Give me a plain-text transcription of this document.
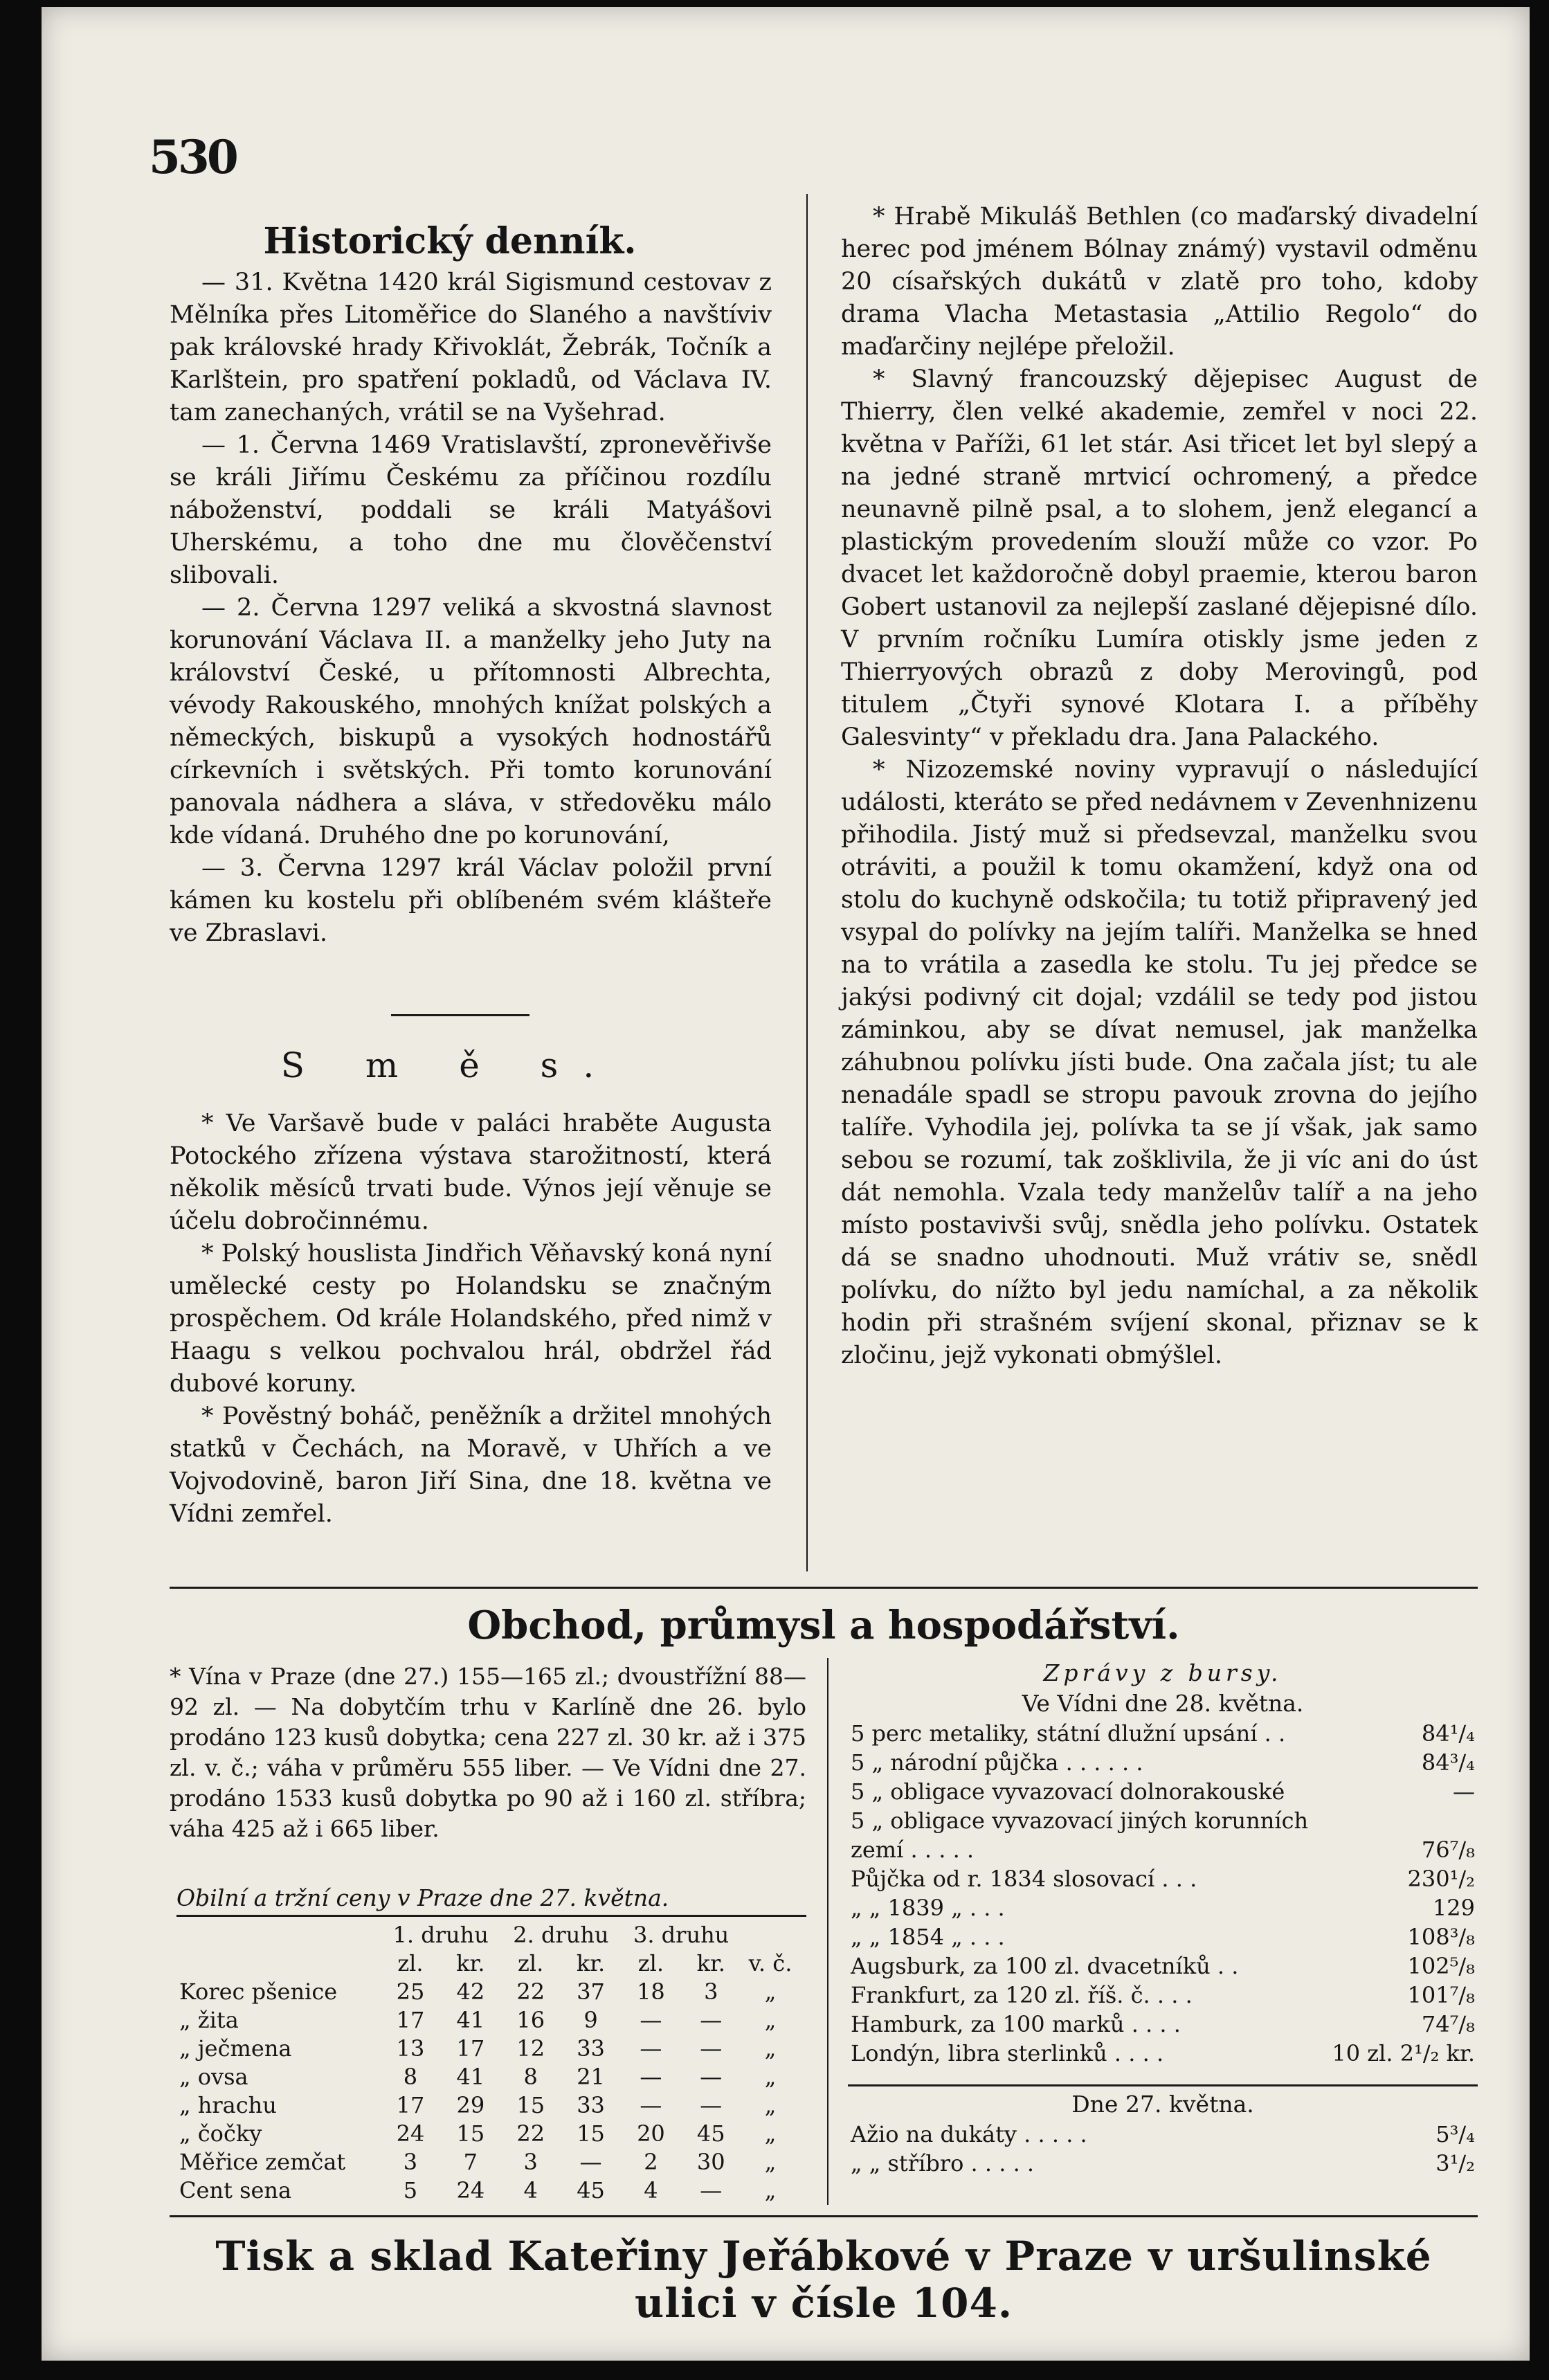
530
Historický denník.

— 31. Května 1420 král Sigismund cestovav z Mělníka přes Litoměřice do Slaného a navštíviv pak královské hrady Křivoklát, Žebrák, Točník a Karlštein, pro spatření pokladů, od Václava IV. tam zanechaných, vrátil se na Vyšehrad.

— 1. Června 1469 Vratislavští, zpronevěřivše se králi Jiřímu Českému za příčinou rozdílu náboženství, poddali se králi Matyášovi Uherskému, a toho dne mu člověčenství slibovali.

— 2. Června 1297 veliká a skvostná slavnost korunování Václava II. a manželky jeho Juty na království České, u přítomnosti Albrechta, vévody Rakouského, mnohých knížat polských a německých, biskupů a vysokých hodnostářů církevních i světských. Při tomto korunování panovala nádhera a sláva, v středověku málo kde vídaná. Druhého dne po korunování,

— 3. Června 1297 král Václav položil první kámen ku kostelu při oblíbeném svém klášteře ve Zbraslavi.

S m ě s.

* Ve Varšavě bude v paláci hraběte Augusta Potockého zřízena výstava starožitností, která několik měsíců trvati bude. Výnos její věnuje se účelu dobročinnému.

* Polský houslista Jindřich Věňavský koná nyní umělecké cesty po Holandsku se značným prospěchem. Od krále Holandského, před nimž v Haagu s velkou pochvalou hrál, obdržel řád dubové koruny.

* Pověstný boháč, peněžník a držitel mnohých statků v Čechách, na Moravě, v Uhřích a ve Vojvodovině, baron Jiří Sina, dne 18. května ve Vídni zemřel.

* Hrabě Mikuláš Bethlen (co maďarský divadelní herec pod jménem Bólnay známý) vystavil odměnu 20 císařských dukátů v zlatě pro toho, kdoby drama Vlacha Metastasia „Attilio Regolo“ do maďarčiny nejlépe přeložil.

* Slavný francouzský dějepisec August de Thierry, člen velké akademie, zemřel v noci 22. května v Paříži, 61 let stár. Asi třicet let byl slepý a na jedné straně mrtvicí ochromený, a předce neunavně pilně psal, a to slohem, jenž elegancí a plastickým provedením slouží může co vzor. Po dvacet let každoročně dobyl praemie, kterou baron Gobert ustanovil za nejlepší zaslané dějepisné dílo. V prvním ročníku Lumíra otiskly jsme jeden z Thierryových obrazů z doby Merovingů, pod titulem „Čtyři synové Klotara I. a příběhy Galesvinty“ v překladu dra. Jana Palackého.

* Nizozemské noviny vypravují o následující události, kteráto se před nedávnem v Zevenhnizenu přihodila. Jistý muž si předsevzal, manželku svou otráviti, a použil k tomu okamžení, když ona od stolu do kuchyně odskočila; tu totiž připravený jed vsypal do polívky na jejím talíři. Manželka se hned na to vrátila a zasedla ke stolu. Tu jej předce se jakýsi podivný cit dojal; vzdálil se tedy pod jistou záminkou, aby se dívat nemusel, jak manželka záhubnou polívku jísti bude. Ona začala jíst; tu ale nenadále spadl se stropu pavouk zrovna do jejího talíře. Vyhodila jej, polívka ta se jí však, jak samo sebou se rozumí, tak zošklivila, že ji víc ani do úst dát nemohla. Vzala tedy manželův talíř a na jeho místo postavivši svůj, snědla jeho polívku. Ostatek dá se snadno uhodnouti. Muž vrátiv se, snědl polívku, do nížto byl jedu namíchal, a za několik hodin při strašném svíjení skonal, přiznav se k zločinu, jejž vykonati obmýšlel.

Obchod, průmysl a hospodářství.
* Vína v Praze (dne 27.) 155—165 zl.; dvoustřížní 88—92 zl. — Na dobytčím trhu v Karlíně dne 26. bylo prodáno 123 kusů dobytka; cena 227 zl. 30 kr. až i 375 zl. v. č.; váha v průměru 555 liber. — Ve Vídni dne 27. prodáno 1533 kusů dobytka po 90 až i 160 zl. stříbra; váha 425 až i 665 liber.
Obilní a tržní ceny v Praze dne 27. května.
	1. druhu		2. druhu		3. druhu		
	zl.	kr.	zl.	kr.	zl.	kr.	v. č.
Korec pšenice	25	42	22	37	18	3	„
„ žita	17	41	16	9	—	—	„
„ ječmena	13	17	12	33	—	—	„
„ ovsa	8	41	8	21	—	—	„
„ hrachu	17	29	15	33	—	—	„
„ čočky	24	15	22	15	20	45	„
Měřice zemčat	3	7	3	—	2	30	„
Cent sena	5	24	4	45	4	—	„
Zprávy z bursy.
Ve Vídni dne 28. května.
5 perc metaliky, státní dlužní upsání . .	84¹/₄
5 „ národní půjčka . . . . . .	84³/₄
5 „ obligace vyvazovací dolnorakouské	—
5 „ obligace vyvazovací jiných korunních zemí . . . . .	76⁷/₈
Půjčka od r. 1834 slosovací . . .	230¹/₂
„ „ 1839 „ . . .	129
„ „ 1854 „ . . .	108³/₈
Augsburk, za 100 zl. dvacetníků . .	102⁵/₈
Frankfurt, za 120 zl. říš. č. . . .	101⁷/₈
Hamburk, za 100 marků . . . .	74⁷/₈
Londýn, libra sterlinků . . . .	10 zl. 2¹/₂ kr.
Dne 27. května.
Ažio na dukáty . . . . .	5³/₄
„ „ stříbro . . . . .	3¹/₂
Tisk a sklad Kateřiny Jeřábkové v Praze v uršulinské ulici v čísle 104.
